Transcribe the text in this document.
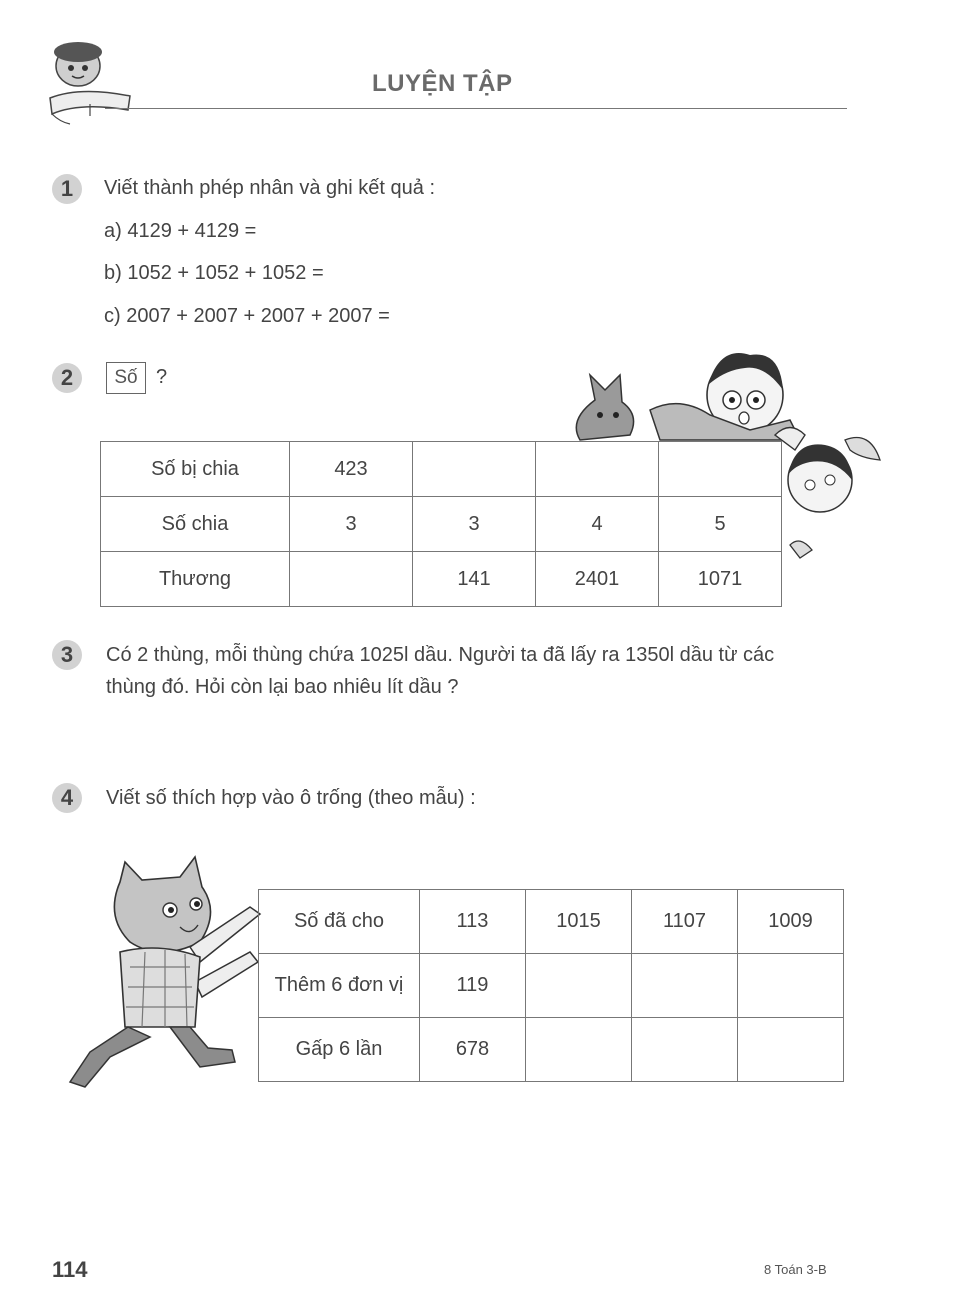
LUYỆN TẬP
1	Viết thành phép nhân và ghi kết quả :
a) 4129 + 4129 =
b) 1052 + 1052 + 1052 =
c) 2007 + 2007 + 2007 + 2007 =
2	Số ?
Số bị chia	423			
Số chia	3	3	4	5
Thương		141	2401	1071
3	Có 2 thùng, mỗi thùng chứa 1025l dầu. Người ta đã lấy ra 1350l dầu từ các
thùng đó. Hỏi còn lại bao nhiêu lít dầu ?
4	Viết số thích hợp vào ô trống (theo mẫu) :
Số đã cho	113	1015	1107	1009
Thêm 6 đơn vị	119			
Gấp 6 lần	678			
114	8 Toán 3-B
